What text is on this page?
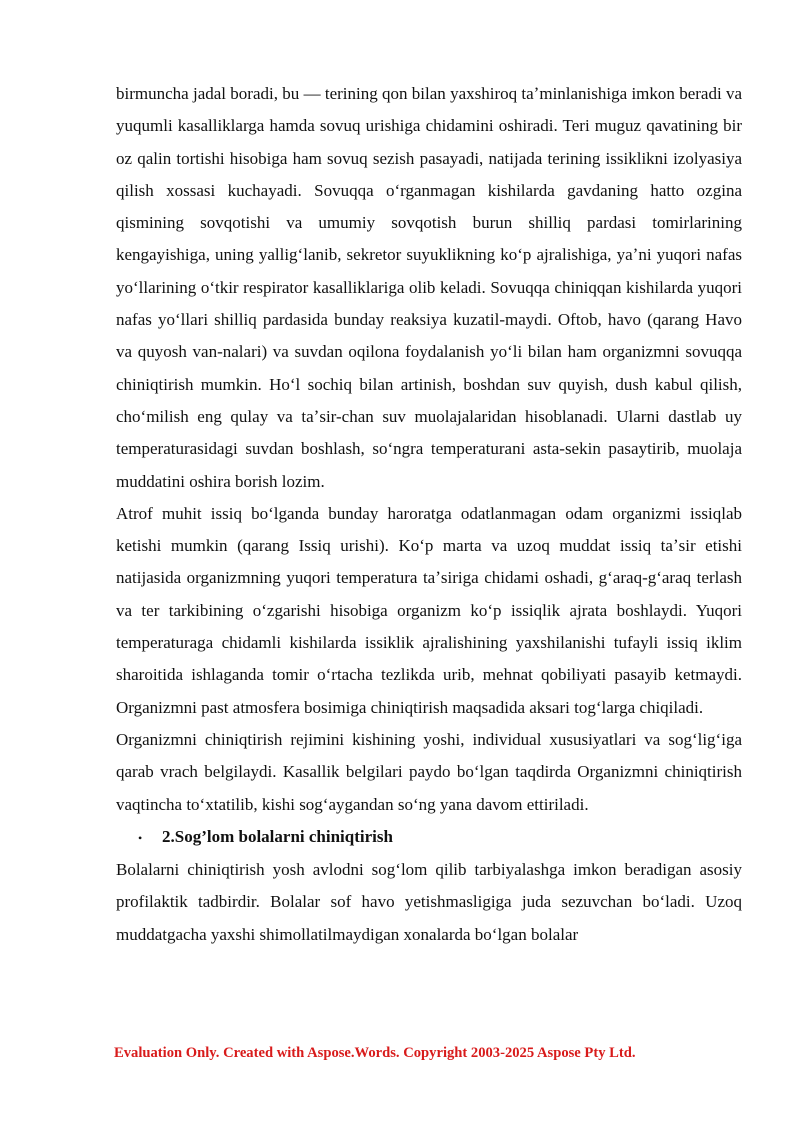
birmuncha jadal boradi, bu — terining qon bilan yaxshiroq taʼminlanishiga imkon beradi va yuqumli kasalliklarga hamda sovuq urishiga chidamini oshiradi. Teri muguz qavatining bir oz qalin tortishi hisobiga ham sovuq sezish pasayadi, natijada terining issiklikni izolyasiya qilish xossasi kuchayadi. Sovuqqa oʻrganmagan kishilarda gavdaning hatto ozgina qismining sovqotishi va umumiy sovqotish burun shilliq pardasi tomirlarining kengayishiga, uning yalligʻlanib, sekretor suyuklikning koʻp ajralishiga, yaʼni yuqori nafas yoʻllarining oʻtkir respirator kasalliklariga olib keladi. Sovuqqa chiniqqan kishilarda yuqori nafas yoʻllari shilliq pardasida bunday reaksiya kuzatil-maydi. Oftob, havo (qarang Havo va quyosh van-nalari) va suvdan oqilona foydalanish yoʻli bilan ham organizmni sovuqqa chiniqtirish mumkin. Hoʻl sochiq bilan artinish, boshdan suv quyish, dush kabul qilish, choʻmilish eng qulay va taʼsir-chan suv muolajalaridan hisoblanadi. Ularni dastlab uy temperaturasidagi suvdan boshlash, soʻngra temperaturani asta-sekin pasaytirib, muolaja muddatini oshira borish lozim.

Atrof muhit issiq boʻlganda bunday haroratga odatlanmagan odam organizmi issiqlab ketishi mumkin (qarang Issiq urishi). Koʻp marta va uzoq muddat issiq taʼsir etishi natijasida organizmning yuqori temperatura taʼsiriga chidami oshadi, gʻaraq-gʻaraq terlash va ter tarkibining oʻzgarishi hisobiga organizm koʻp issiqlik ajrata boshlaydi. Yuqori temperaturaga chidamli kishilarda issiklik ajralishining yaxshilanishi tufayli issiq iklim sharoitida ishlaganda tomir oʻrtacha tezlikda urib, mehnat qobiliyati pasayib ketmaydi. Organizmni past atmosfera bosimiga chiniqtirish maqsadida aksari togʻlarga chiqiladi.

Organizmni chiniqtirish rejimini kishining yoshi, individual xususiyatlari va sogʻligʻiga qarab vrach belgilaydi. Kasallik belgilari paydo boʻlgan taqdirda Organizmni chiniqtirish vaqtincha toʻxtatilib, kishi sogʻaygandan soʻng yana davom ettiriladi.

•	2.Sog’lom bolalarni chiniqtirish

Bolalarni chiniqtirish yosh avlodni sogʻlom qilib tarbiyalashga imkon beradigan asosiy profilaktik tadbirdir. Bolalar sof havo yetishmasligiga juda sezuvchan boʻladi. Uzoq muddatgacha yaxshi shimollatilmaydigan xonalarda boʻlgan bolalar

Evaluation Only. Created with Aspose.Words. Copyright 2003-2025 Aspose Pty Ltd.
